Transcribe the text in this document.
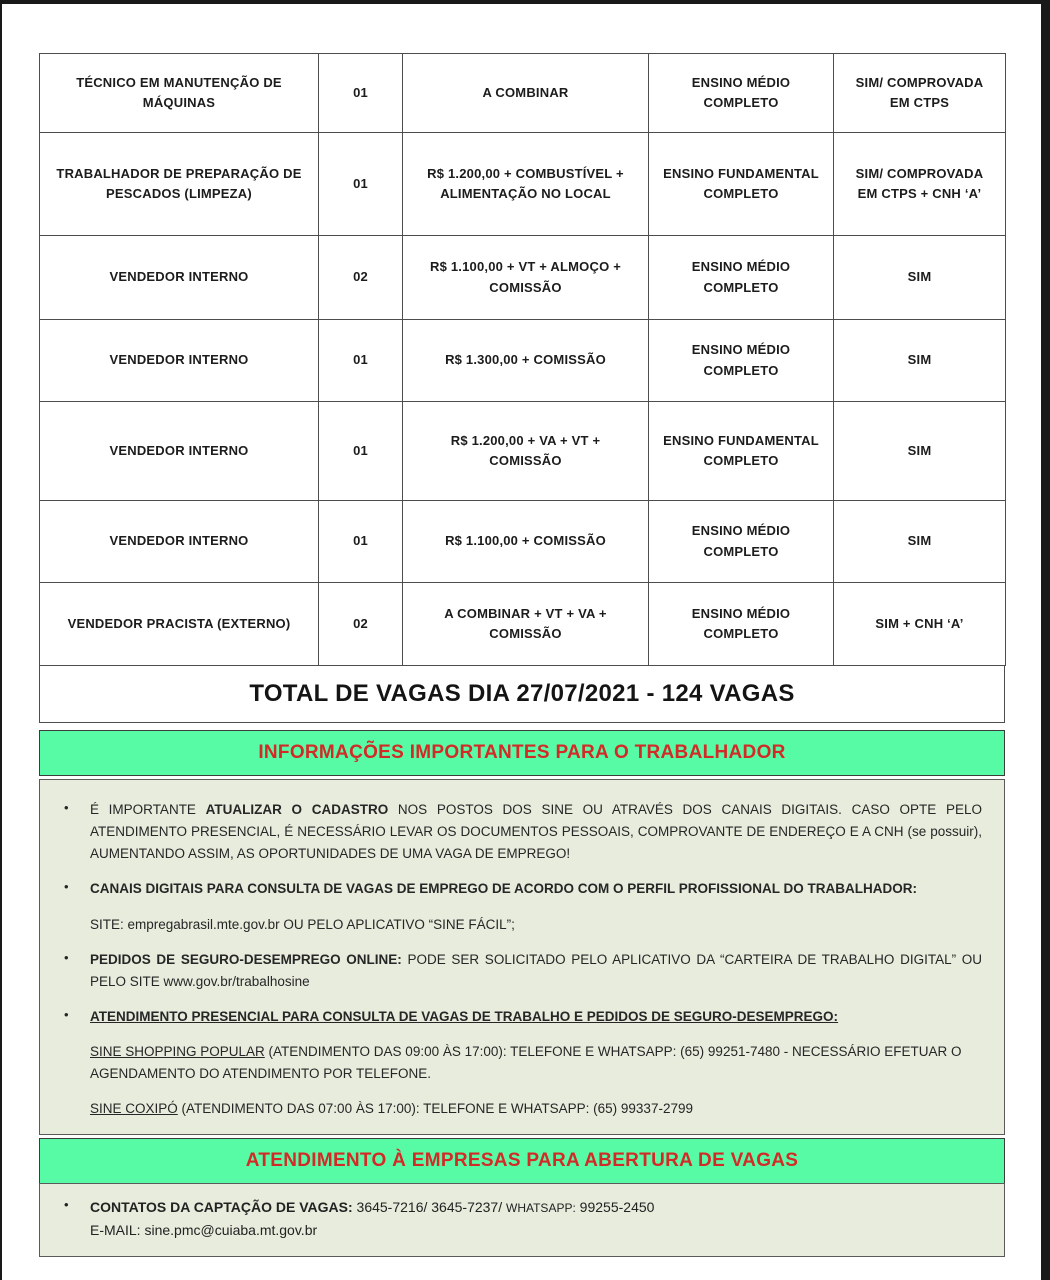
TÉCNICO EM MANUTENÇÃO DE MÁQUINAS	01	A COMBINAR	ENSINO MÉDIO COMPLETO	SIM/ COMPROVADA EM CTPS
TRABALHADOR DE PREPARAÇÃO DE PESCADOS (LIMPEZA)	01	R$ 1.200,00 + COMBUSTÍVEL + ALIMENTAÇÃO NO LOCAL	ENSINO FUNDAMENTAL COMPLETO	SIM/ COMPROVADA EM CTPS + CNH ‘A’
VENDEDOR INTERNO	02	R$ 1.100,00 + VT + ALMOÇO + COMISSÃO	ENSINO MÉDIO COMPLETO	SIM
VENDEDOR INTERNO	01	R$ 1.300,00 + COMISSÃO	ENSINO MÉDIO COMPLETO	SIM
VENDEDOR INTERNO	01	R$ 1.200,00 + VA + VT + COMISSÃO	ENSINO FUNDAMENTAL COMPLETO	SIM
VENDEDOR INTERNO	01	R$ 1.100,00 + COMISSÃO	ENSINO MÉDIO COMPLETO	SIM
VENDEDOR PRACISTA (EXTERNO)	02	A COMBINAR + VT + VA + COMISSÃO	ENSINO MÉDIO COMPLETO	SIM + CNH ‘A’
TOTAL DE VAGAS DIA 27/07/2021 - 124 VAGAS
INFORMAÇÕES IMPORTANTES PARA O TRABALHADOR
•
É IMPORTANTE ATUALIZAR O CADASTRO NOS POSTOS DOS SINE OU ATRAVÉS DOS CANAIS DIGITAIS. CASO OPTE PELO ATENDIMENTO PRESENCIAL, É NECESSÁRIO LEVAR OS DOCUMENTOS PESSOAIS, COMPROVANTE DE ENDEREÇO E A CNH (se possuir), AUMENTANDO ASSIM, AS OPORTUNIDADES DE UMA VAGA DE EMPREGO!
•
CANAIS DIGITAIS PARA CONSULTA DE VAGAS DE EMPREGO DE ACORDO COM O PERFIL PROFISSIONAL DO TRABALHADOR:
SITE: empregabrasil.mte.gov.br OU PELO APLICATIVO “SINE FÁCIL”;
•
PEDIDOS DE SEGURO-DESEMPREGO ONLINE: PODE SER SOLICITADO PELO APLICATIVO DA “CARTEIRA DE TRABALHO DIGITAL” OU PELO SITE www.gov.br/trabalhosine
•
ATENDIMENTO PRESENCIAL PARA CONSULTA DE VAGAS DE TRABALHO E PEDIDOS DE SEGURO-DESEMPREGO:
SINE SHOPPING POPULAR (ATENDIMENTO DAS 09:00 ÀS 17:00): TELEFONE E WHATSAPP: (65) 99251-7480 - NECESSÁRIO EFETUAR O AGENDAMENTO DO ATENDIMENTO POR TELEFONE.
SINE COXIPÓ (ATENDIMENTO DAS 07:00 ÀS 17:00): TELEFONE E WHATSAPP: (65) 99337-2799
ATENDIMENTO À EMPRESAS PARA ABERTURA DE VAGAS
•
CONTATOS DA CAPTAÇÃO DE VAGAS: 3645-7216/ 3645-7237/ WHATSAPP: 99255-2450
E-MAIL: sine.pmc@cuiaba.mt.gov.br
